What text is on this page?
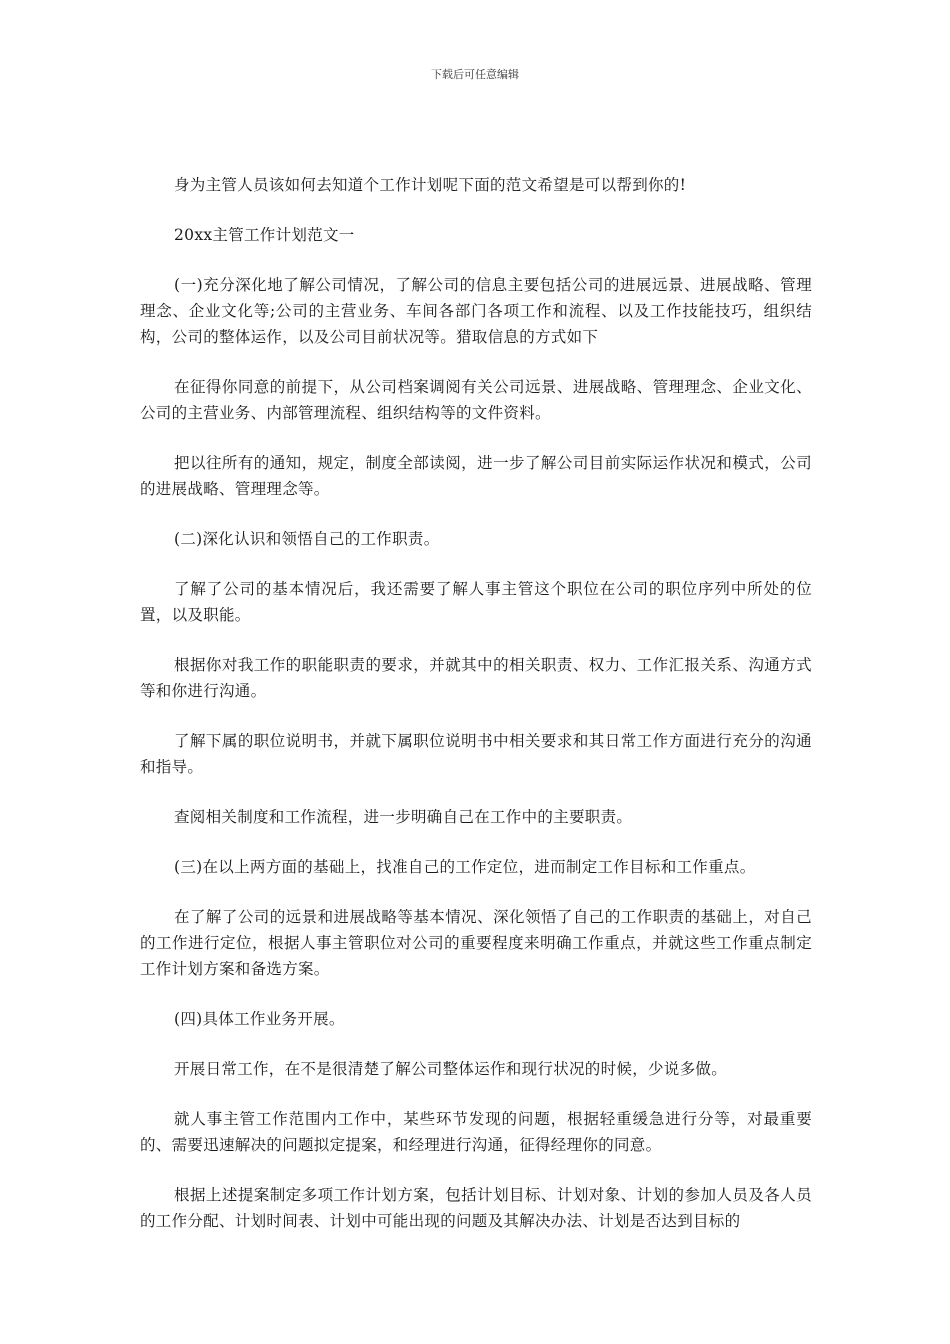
下载后可任意编辑

身为主管人员该如何去知道个工作计划呢下面的范文希望是可以帮到你的!

20xx主管工作计划范文一

(一)充分深化地了解公司情况，了解公司的信息主要包括公司的进展远景、进展战略、管理理念、企业文化等;公司的主营业务、车间各部门各项工作和流程、以及工作技能技巧，组织结构，公司的整体运作，以及公司目前状况等。猎取信息的方式如下

在征得你同意的前提下，从公司档案调阅有关公司远景、进展战略、管理理念、企业文化、公司的主营业务、内部管理流程、组织结构等的文件资料。

把以往所有的通知，规定，制度全部读阅，进一步了解公司目前实际运作状况和模式，公司的进展战略、管理理念等。

(二)深化认识和领悟自己的工作职责。

了解了公司的基本情况后，我还需要了解人事主管这个职位在公司的职位序列中所处的位置，以及职能。

根据你对我工作的职能职责的要求，并就其中的相关职责、权力、工作汇报关系、沟通方式等和你进行沟通。

了解下属的职位说明书，并就下属职位说明书中相关要求和其日常工作方面进行充分的沟通和指导。

查阅相关制度和工作流程，进一步明确自己在工作中的主要职责。

(三)在以上两方面的基础上，找准自己的工作定位，进而制定工作目标和工作重点。

在了解了公司的远景和进展战略等基本情况、深化领悟了自己的工作职责的基础上，对自己的工作进行定位，根据人事主管职位对公司的重要程度来明确工作重点，并就这些工作重点制定工作计划方案和备选方案。

(四)具体工作业务开展。

开展日常工作，在不是很清楚了解公司整体运作和现行状况的时候，少说多做。

就人事主管工作范围内工作中，某些环节发现的问题，根据轻重缓急进行分等，对最重要的、需要迅速解决的问题拟定提案，和经理进行沟通，征得经理你的同意。

根据上述提案制定多项工作计划方案，包括计划目标、计划对象、计划的参加人员及各人员的工作分配、计划时间表、计划中可能出现的问题及其解决办法、计划是否达到目标的
